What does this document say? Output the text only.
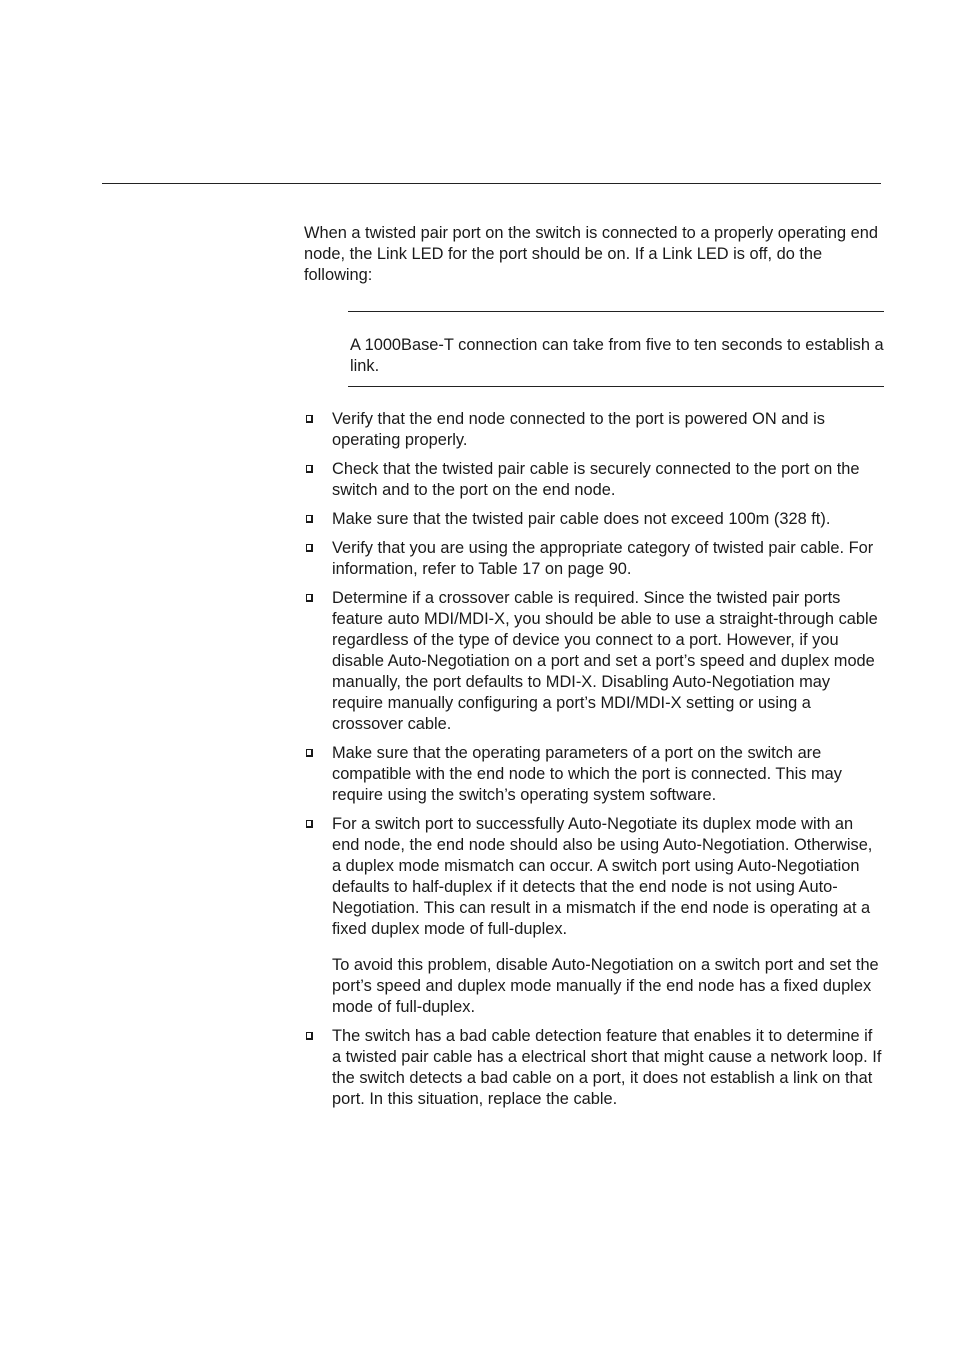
When a twisted pair port on the switch is connected to a properly operating end node, the Link LED for the port should be on. If a Link LED is off, do the following:

A 1000Base-T connection can take from five to ten seconds to establish a link.

Verify that the end node connected to the port is powered ON and is operating properly.

Check that the twisted pair cable is securely connected to the port on the switch and to the port on the end node.

Make sure that the twisted pair cable does not exceed 100m (328 ft).

Verify that you are using the appropriate category of twisted pair cable. For information, refer to Table 17 on page 90.

Determine if a crossover cable is required. Since the twisted pair ports feature auto MDI/MDI-X, you should be able to use a straight-through cable regardless of the type of device you connect to a port. However, if you disable Auto-Negotiation on a port and set a port’s speed and duplex mode manually, the port defaults to MDI-X. Disabling Auto-Negotiation may require manually configuring a port’s MDI/MDI-X setting or using a crossover cable.

Make sure that the operating parameters of a port on the switch are compatible with the end node to which the port is connected. This may require using the switch’s operating system software.

For a switch port to successfully Auto-Negotiate its duplex mode with an end node, the end node should also be using Auto-Negotiation. Otherwise, a duplex mode mismatch can occur. A switch port using Auto-Negotiation defaults to half-duplex if it detects that the end node is not using Auto-Negotiation. This can result in a mismatch if the end node is operating at a fixed duplex mode of full-duplex.

To avoid this problem, disable Auto-Negotiation on a switch port and set the port’s speed and duplex mode manually if the end node has a fixed duplex mode of full-duplex.

The switch has a bad cable detection feature that enables it to determine if a twisted pair cable has a electrical short that might cause a network loop. If the switch detects a bad cable on a port, it does not establish a link on that port. In this situation, replace the cable.
